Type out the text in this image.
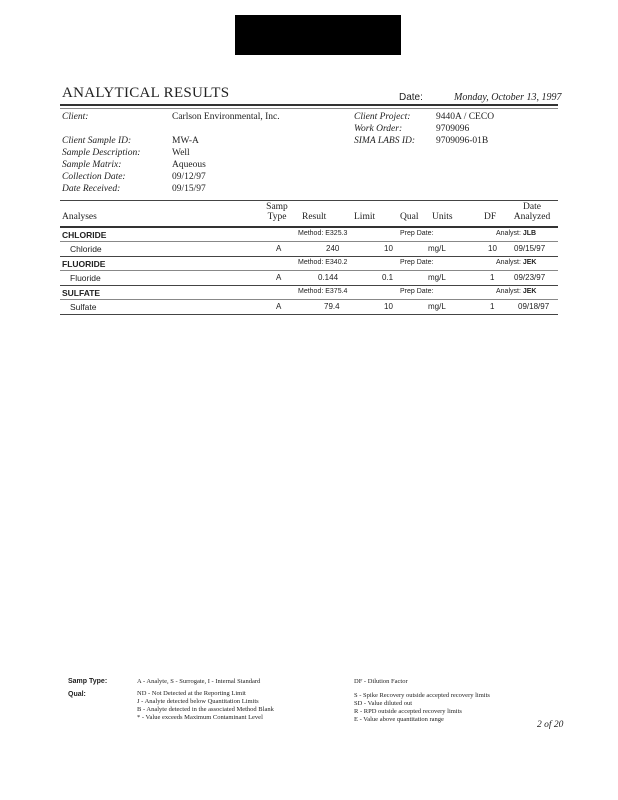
ANALYTICAL RESULTS	Date:	Monday, October 13, 1997
Client:	Carlson Environmental, Inc.
Client Sample ID:	MW-A
Sample Description:	Well
Sample Matrix:	Aqueous
Collection Date:	09/12/97
Date Received:	09/15/97
Client Project:	9440A / CECO
Work Order:	9709096
SIMA LABS ID: 9709096-01B
Analyses
Samp
Type	Result	Limit	Qual Units	DF
Date
Analyzed
CHLORIDE	Method: E325.3	Prep Date:	Analyst: JLB
Chloride	A	240	10	mg/L	10 09/15/97
FLUORIDE	Method: E340.2	Prep Date:	Analyst: JEK
Fluoride	A	0.144	0.1	mg/L	1 09/23/97
SULFATE	Method: E375.4	Prep Date:	Analyst: JEK
Sulfate	A	79.4	10	mg/L	1	09/18/97
Samp Type:	A - Analyte, S - Surrogate, I - Internal Standard	DF - Dilution Factor
Qual:	ND - Not Detected at the Reporting Limit
J - Analyte detected below Quantitation Limits
B - Analyte detected in the associated Method Blank
* - Value exceeds Maximum Contaminant Level
S - Spike Recovery outside accepted recovery limits
SD - Value diluted out
R - RPD outside accepted recovery limits
E - Value above quantitation range
2 of 20
